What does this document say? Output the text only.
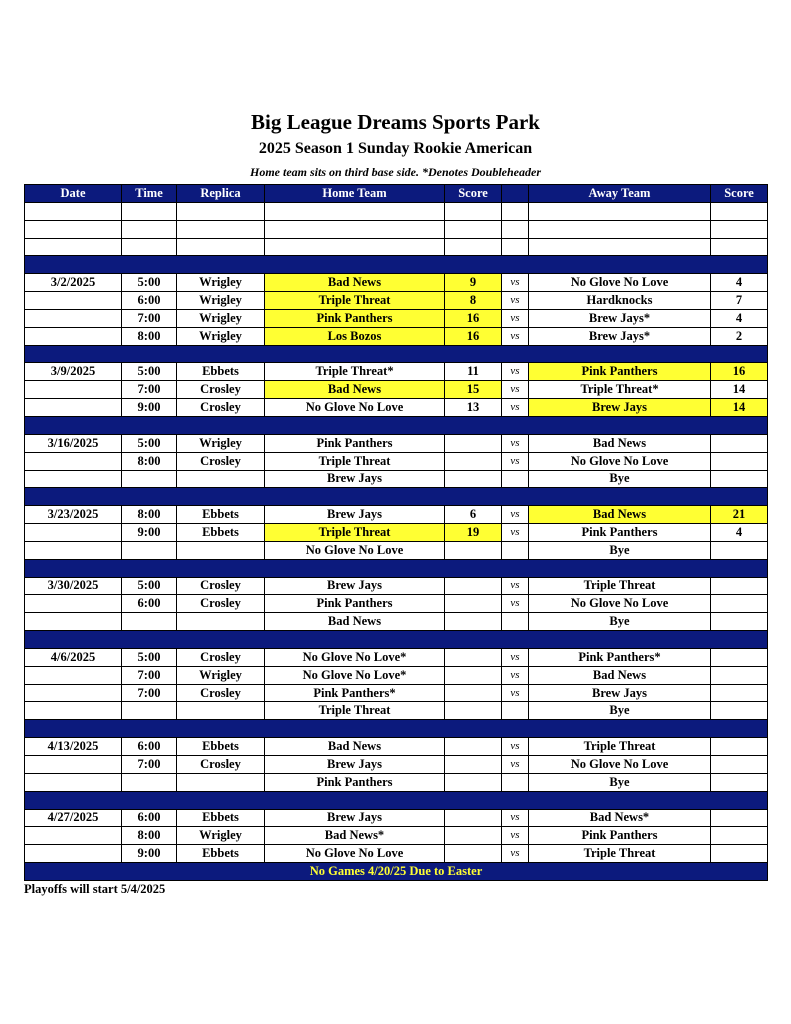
Big League Dreams Sports Park
2025 Season 1 Sunday Rookie American
Home team sits on third base side. *Denotes Doubleheader
Date	Time	Replica	Home Team	Score		Away Team	Score

3/2/2025	5:00	Wrigley	Bad News	9	vs	No Glove No Love	4
	6:00	Wrigley	Triple Threat	8	vs	Hardknocks	7
	7:00	Wrigley	Pink Panthers	16	vs	Brew Jays*	4
	8:00	Wrigley	Los Bozos	16	vs	Brew Jays*	2

3/9/2025	5:00	Ebbets	Triple Threat*	11	vs	Pink Panthers	16
	7:00	Crosley	Bad News	15	vs	Triple Threat*	14
	9:00	Crosley	No Glove No Love	13	vs	Brew Jays	14

3/16/2025	5:00	Wrigley	Pink Panthers		vs	Bad News	
	8:00	Crosley	Triple Threat		vs	No Glove No Love	
			Brew Jays			Bye	

3/23/2025	8:00	Ebbets	Brew Jays	6	vs	Bad News	21
	9:00	Ebbets	Triple Threat	19	vs	Pink Panthers	4
			No Glove No Love			Bye	

3/30/2025	5:00	Crosley	Brew Jays		vs	Triple Threat	
	6:00	Crosley	Pink Panthers		vs	No Glove No Love	
			Bad News			Bye	

4/6/2025	5:00	Crosley	No Glove No Love*		vs	Pink Panthers*	
	7:00	Wrigley	No Glove No Love*		vs	Bad News	
	7:00	Crosley	Pink Panthers*		vs	Brew Jays	
			Triple Threat			Bye	

4/13/2025	6:00	Ebbets	Bad News		vs	Triple Threat	
	7:00	Crosley	Brew Jays		vs	No Glove No Love	
			Pink Panthers			Bye	

4/27/2025	6:00	Ebbets	Brew Jays		vs	Bad News*	
	8:00	Wrigley	Bad News*		vs	Pink Panthers	
	9:00	Ebbets	No Glove No Love		vs	Triple Threat	
No Games 4/20/25 Due to Easter							
Playoffs will start 5/4/2025
